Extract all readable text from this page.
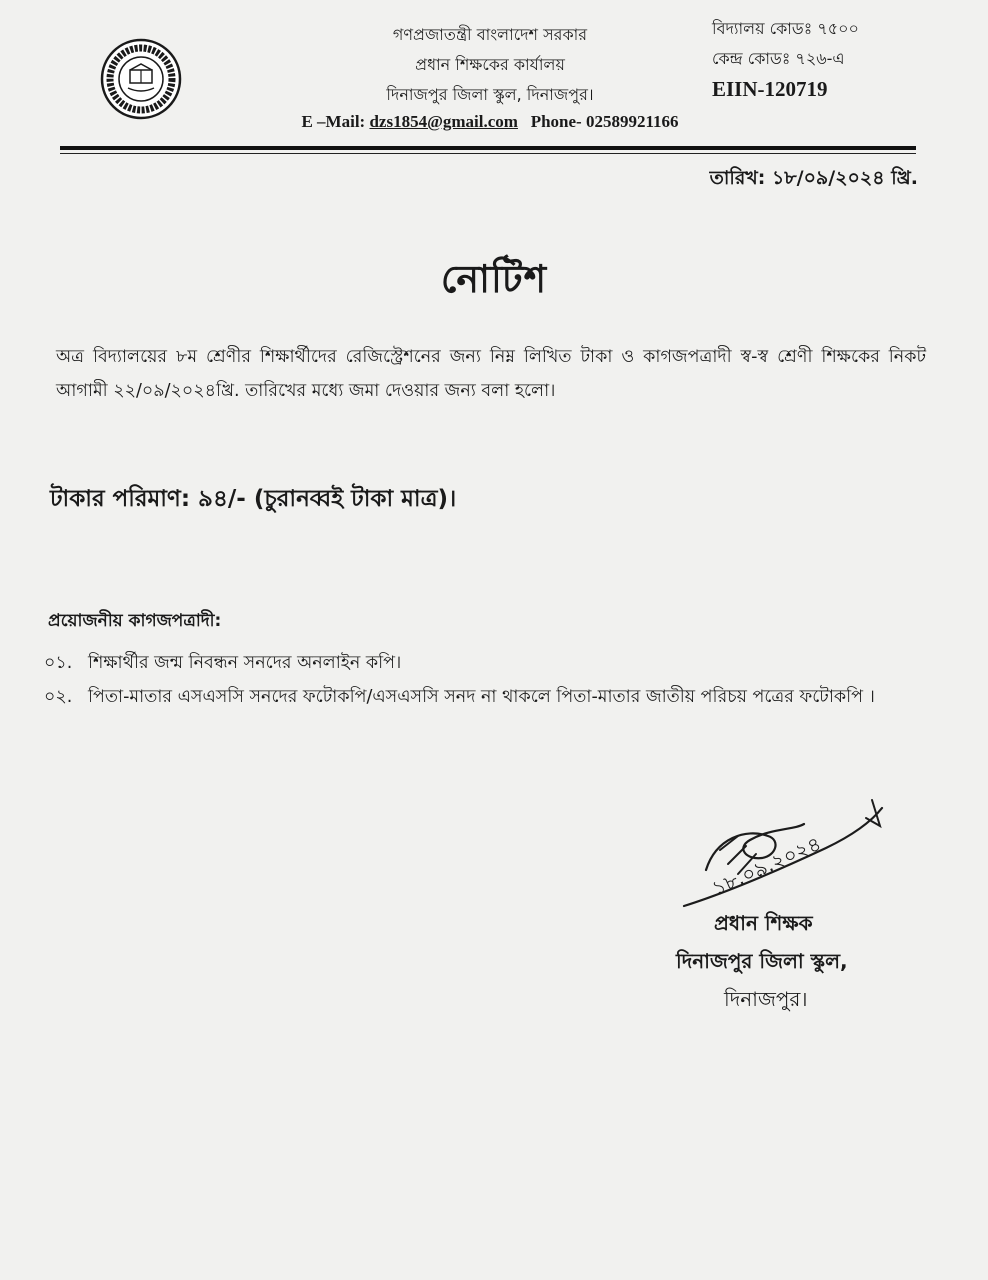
গণপ্রজাতন্ত্রী বাংলাদেশ সরকার
প্রধান শিক্ষকের কার্যালয়
দিনাজপুর জিলা স্কুল, দিনাজপুর।
E –Mail: dzs1854@gmail.com Phone- 02589921166
বিদ্যালয় কোডঃ ৭৫০০
কেন্দ্র কোডঃ ৭২৬-এ
EIIN-120719
তারিখ: ১৮/০৯/২০২৪ খ্রি.
নোটিশ
অত্র বিদ্যালয়ের ৮ম শ্রেণীর শিক্ষার্থীদের রেজিস্ট্রেশনের জন্য নিম্ন লিখিত টাকা ও কাগজপত্রাদী স্ব-স্ব শ্রেণী শিক্ষকের নিকট আগামী ২২/০৯/২০২৪খ্রি. তারিখের মধ্যে জমা দেওয়ার জন্য বলা হলো।
টাকার পরিমাণ: ৯৪/- (চুরানব্বই টাকা মাত্র)।
প্রয়োজনীয় কাগজপত্রাদী:
০১. শিক্ষার্থীর জন্ম নিবন্ধন সনদের অনলাইন কপি।
০২. পিতা-মাতার এসএসসি সনদের ফটোকপি/এসএসসি সনদ না থাকলে পিতা-মাতার জাতীয় পরিচয় পত্রের ফটোকপি ।
১৮.০৯.২০২৪
প্রধান শিক্ষক
দিনাজপুর জিলা স্কুল,
দিনাজপুর।
